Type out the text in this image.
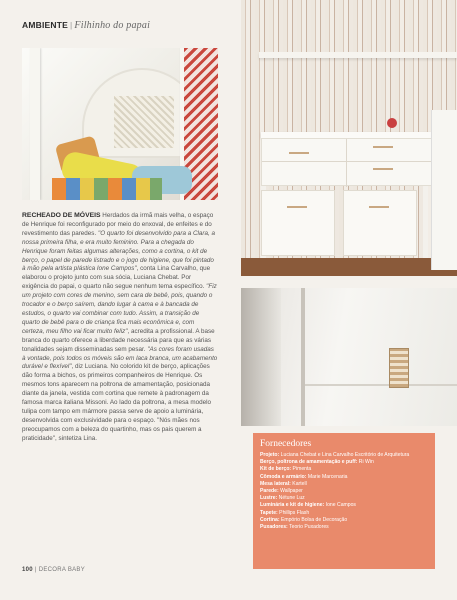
AMBIENTE | Filhinho do papai
RECHEADO DE MÓVEIS Herdados da irmã mais velha, o espaço de Henrique foi reconfigurado por meio do enxoval, de enfeites e do revestimento das paredes. "O quarto foi desenvolvido para a Clara, a nossa primeira filha, e era muito feminino. Para a chegada do Henrique foram feitas algumas alterações, como a cortina, o kit de berço, o papel de parede listrado e o jogo de higiene, que foi pintado à mão pela artista plástica Ione Campos", conta Lina Carvalho, que elaborou o projeto junto com sua sócia, Luciana Chebat. Por exigência do papai, o quarto não segue nenhum tema específico. "Fiz um projeto com cores de menino, sem cara de bebê, pois, quando o trocador e o berço saírem, dando lugar à cama e à bancada de estudos, o quarto vai combinar com tudo. Assim, a transição de quarto de bebê para o de criança fica mais econômica e, com certeza, meu filho vai ficar muito feliz", acredita a profissional. A base branca do quarto oferece a liberdade necessária para que as várias tonalidades sejam disseminadas sem pesar. "As cores foram usadas à vontade, pois todos os móveis são em laca branca, um acabamento durável e flexível", diz Luciana. No colorido kit de berço, aplicações dão forma a bichos, os primeiros companheiros de Henrique. Os mesmos tons aparecem na poltrona de amamentação, posicionada diante da janela, vestida com cortina que remete à padronagem da famosa marca italiana Missoni. Ao lado da poltrona, a mesa modelo tulipa com tampo em mármore passa serve de apoio a luminária, desenvolvida com exclusividade para o espaço. "Nós mães nos preocupamos com a beleza do quartinho, mas os pais querem a praticidade", sintetiza Lina.
Fornecedores

Projeto: Luciana Chebat e Lina Carvalho Escritório de Arquitetura

Berço, poltrona de amamentação e puff: Ri Win

Kit de berço: Pimenta

Cômoda e armário: Marie Marcenaria

Mesa lateral: Kartell

Parede: Wallpaper

Lustre: Nétune Luz

Luminária e kit de higiene: Ione Campos

Tapete: Phillips Flash

Cortina: Empório Bolsa de Decoração

Puxadores: Teorio Puxadores

100 | DECORA BABY
